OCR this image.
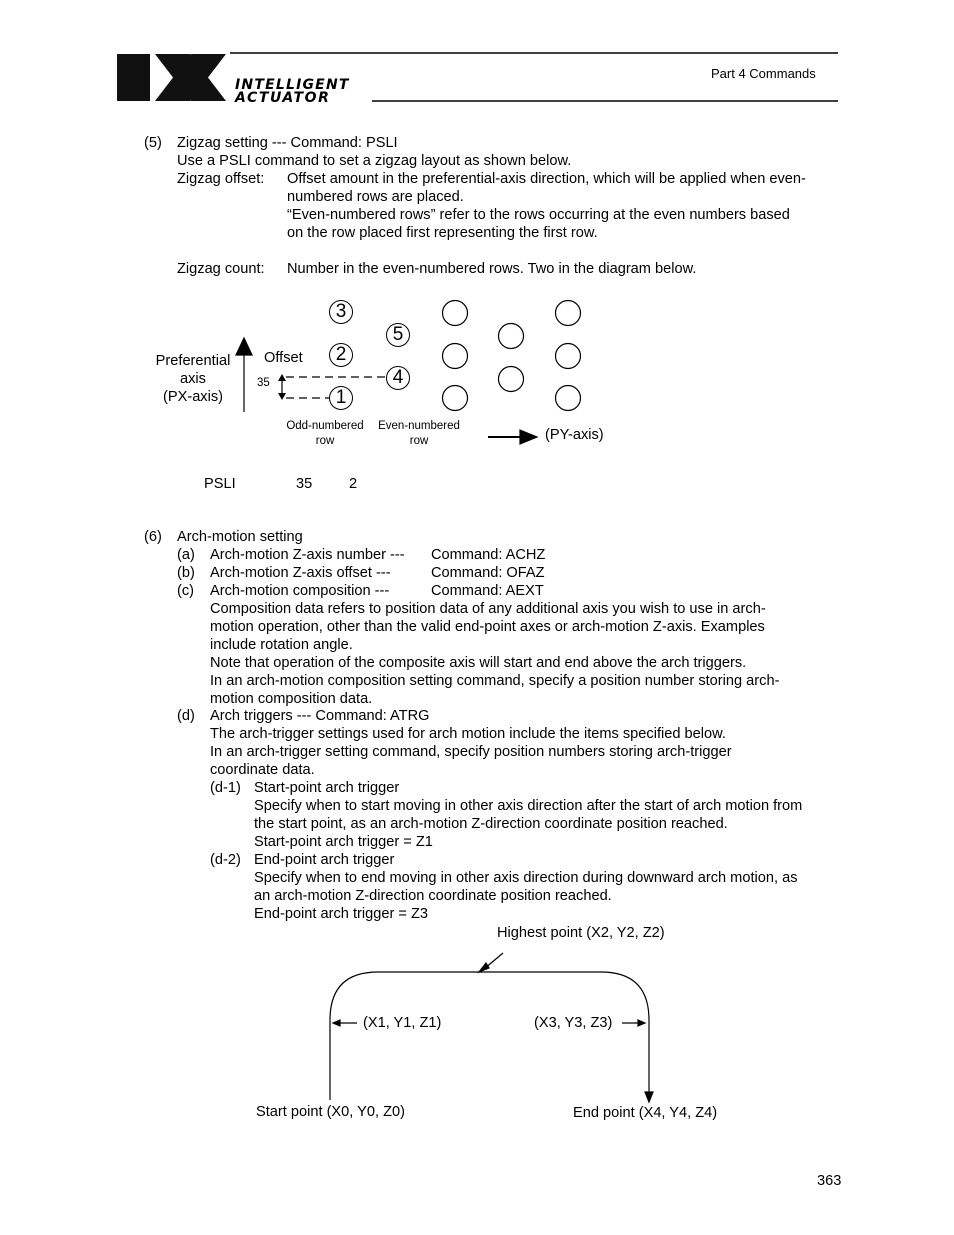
INTELLIGENT
ACTUATOR
Part 4 Commands
(5) Zigzag setting --- Command: PSLI
Use a PSLI command to set a zigzag layout as shown below.
Zigzag offset: Offset amount in the preferential-axis direction, which will be applied when even-
numbered rows are placed.
“Even-numbered rows” refer to the rows occurring at the even numbers based
on the row placed first representing the first row.
Zigzag count: Number in the even-numbered rows. Two in the diagram below.
Preferential
axis
(PX-axis)
Offset
35
3
2
1
5
4
Odd-numbered
row
Even-numbered
row	(PY-axis)
PSLI	35	2
(6) Arch-motion setting
(a) Arch-motion Z-axis number --- Command: ACHZ
(b) Arch-motion Z-axis offset ---	Command: OFAZ
(c) Arch-motion composition ---	Command: AEXT
Composition data refers to position data of any additional axis you wish to use in arch-
motion operation, other than the valid end-point axes or arch-motion Z-axis. Examples
include rotation angle.
Note that operation of the composite axis will start and end above the arch triggers.
In an arch-motion composition setting command, specify a position number storing arch-
motion composition data.
(d) Arch triggers --- Command: ATRG
The arch-trigger settings used for arch motion include the items specified below.
In an arch-trigger setting command, specify position numbers storing arch-trigger
coordinate data.
(d-1) Start-point arch trigger
Specify when to start moving in other axis direction after the start of arch motion from
the start point, as an arch-motion Z-direction coordinate position reached.
Start-point arch trigger = Z1
(d-2) End-point arch trigger
Specify when to end moving in other axis direction during downward arch motion, as
an arch-motion Z-direction coordinate position reached.
End-point arch trigger = Z3
Highest point (X2, Y2, Z2)
(X1, Y1, Z1)	(X3, Y3, Z3)
Start point (X0, Y0, Z0)	End point (X4, Y4, Z4)
363
